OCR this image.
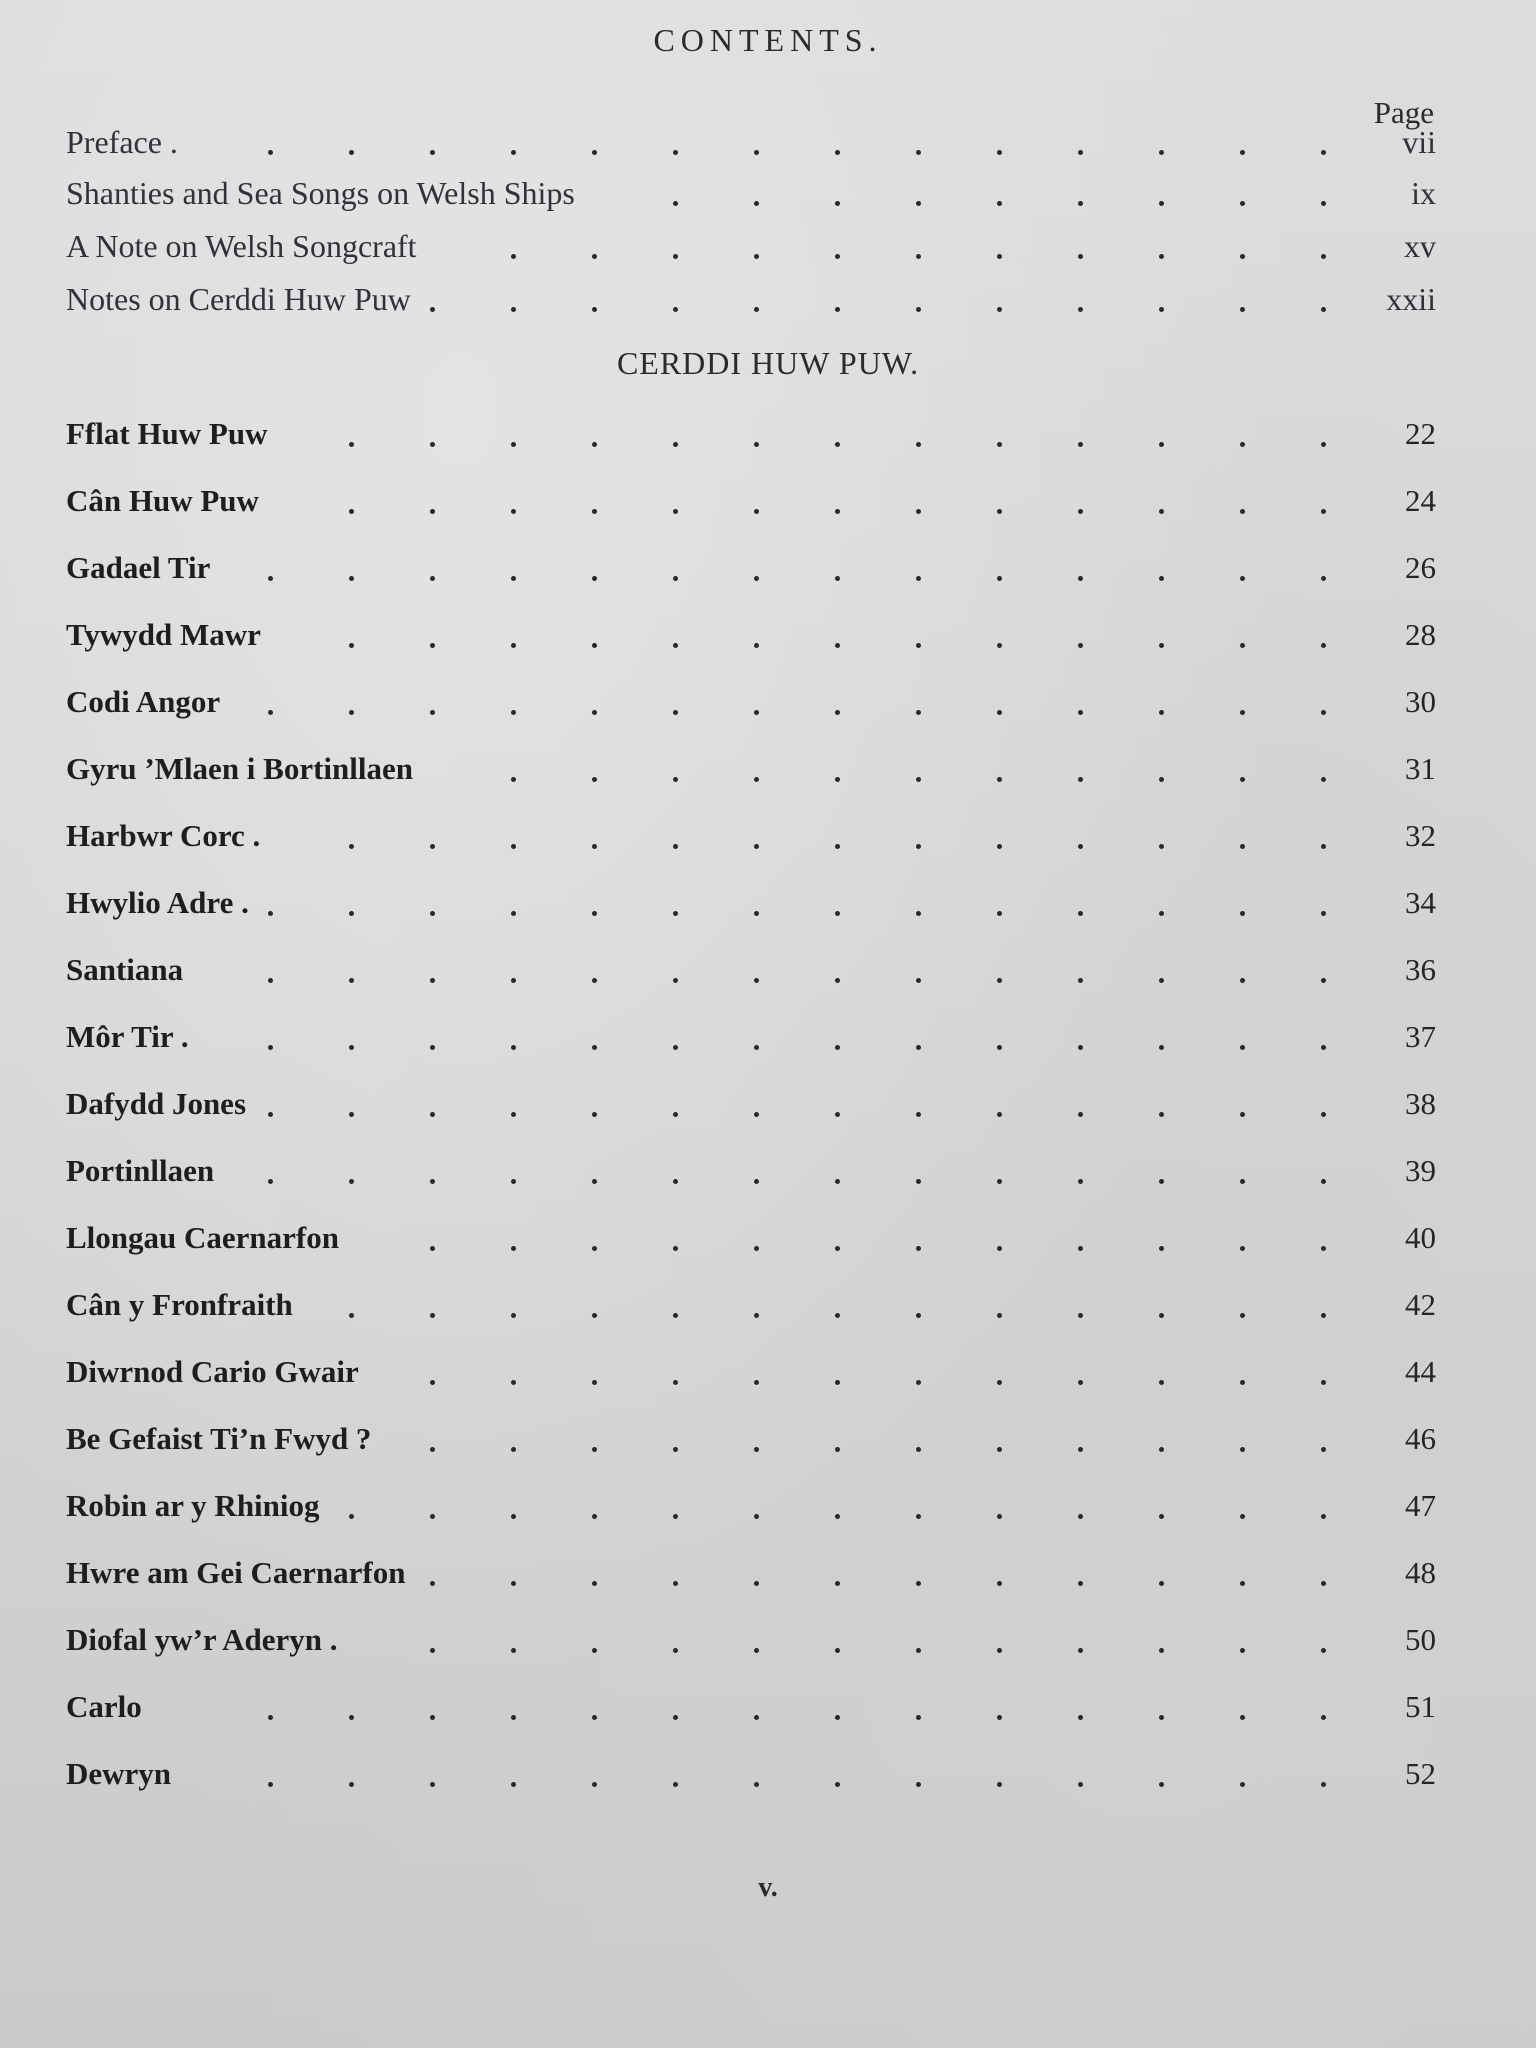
CONTENTS.
Page
Preface .	vii
Shanties and Sea Songs on Welsh Ships	ix
A Note on Welsh Songcraft	xv
Notes on Cerddi Huw Puw	xxii
CERDDI HUW PUW.
Fflat Huw Puw	22
Cân Huw Puw	24
Gadael Tir	26
Tywydd Mawr	28
Codi Angor	30
Gyru ’Mlaen i Bortinllaen	31
Harbwr Corc .	32
Hwylio Adre .	34
Santiana	36
Môr Tir .	37
Dafydd Jones	38
Portinllaen	39
Llongau Caernarfon	40
Cân y Fronfraith	42
Diwrnod Cario Gwair	44
Be Gefaist Ti’n Fwyd ?	46
Robin ar y Rhiniog	47
Hwre am Gei Caernarfon	48
Diofal yw’r Aderyn .	50
Carlo	51
Dewryn	52
v.
